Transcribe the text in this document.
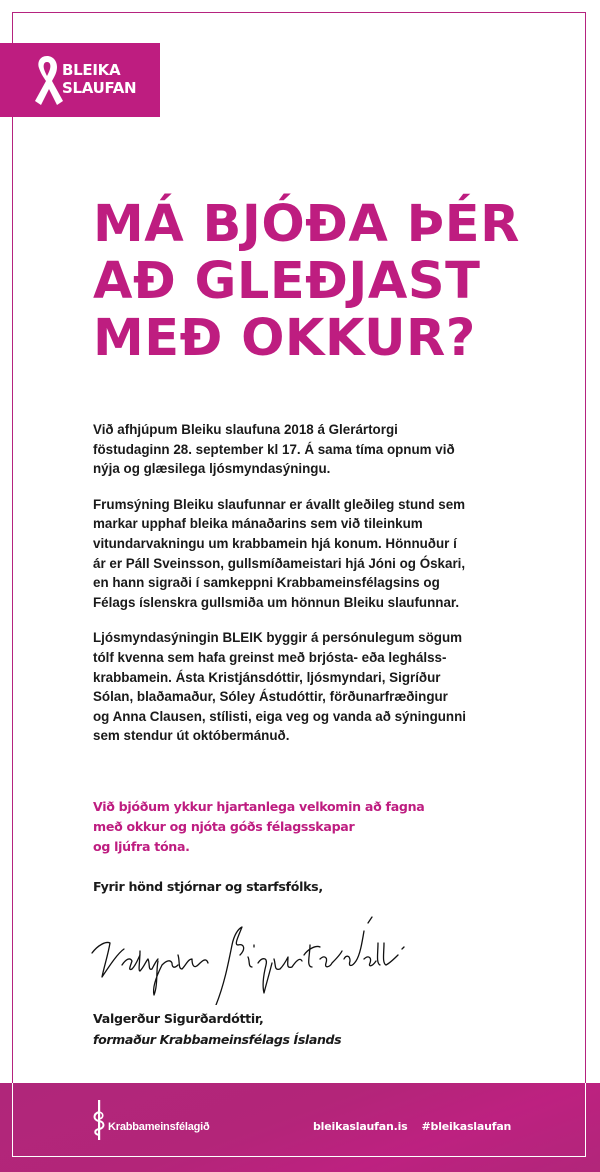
BLEIKA
SLAUFAN
MÁ BJÓÐA ÞÉR
AÐ GLEÐJAST
MEÐ OKKUR?

Við afhjúpum Bleiku slaufuna 2018 á Glerártorgi
föstudaginn 28. september kl 17. Á sama tíma opnum við
nýja og glæsilega ljósmyndasýningu.

Frumsýning Bleiku slaufunnar er ávallt gleðileg stund sem
markar upphaf bleika mánaðarins sem við tileinkum
vitundarvakningu um krabbamein hjá konum. Hönnuður í
ár er Páll Sveinsson, gullsmíðameistari hjá Jóni og Óskari,
en hann sigraði í samkeppni Krabbameinsfélagsins og
Félags íslenskra gullsmiða um hönnun Bleiku slaufunnar.

Ljósmyndasýningin BLEIK byggir á persónulegum sögum
tólf kvenna sem hafa greinst með brjósta- eða leghálss-
krabbamein. Ásta Kristjánsdóttir, ljósmyndari, Sigríður
Sólan, blaðamaður, Sóley Ástudóttir, förðunarfræðingur
og Anna Clausen, stílisti, eiga veg og vanda að sýningunni
sem stendur út októbermánuð.

Við bjóðum ykkur hjartanlega velkomin að fagna
með okkur og njóta góðs félagsskapar
og ljúfra tóna.
Fyrir hönd stjórnar og starfsfólks,
Valgerður Sigurðardóttir,
formaður Krabbameinsfélags Íslands
Krabbameinsfélagið	bleikaslaufan.is #bleikaslaufan
